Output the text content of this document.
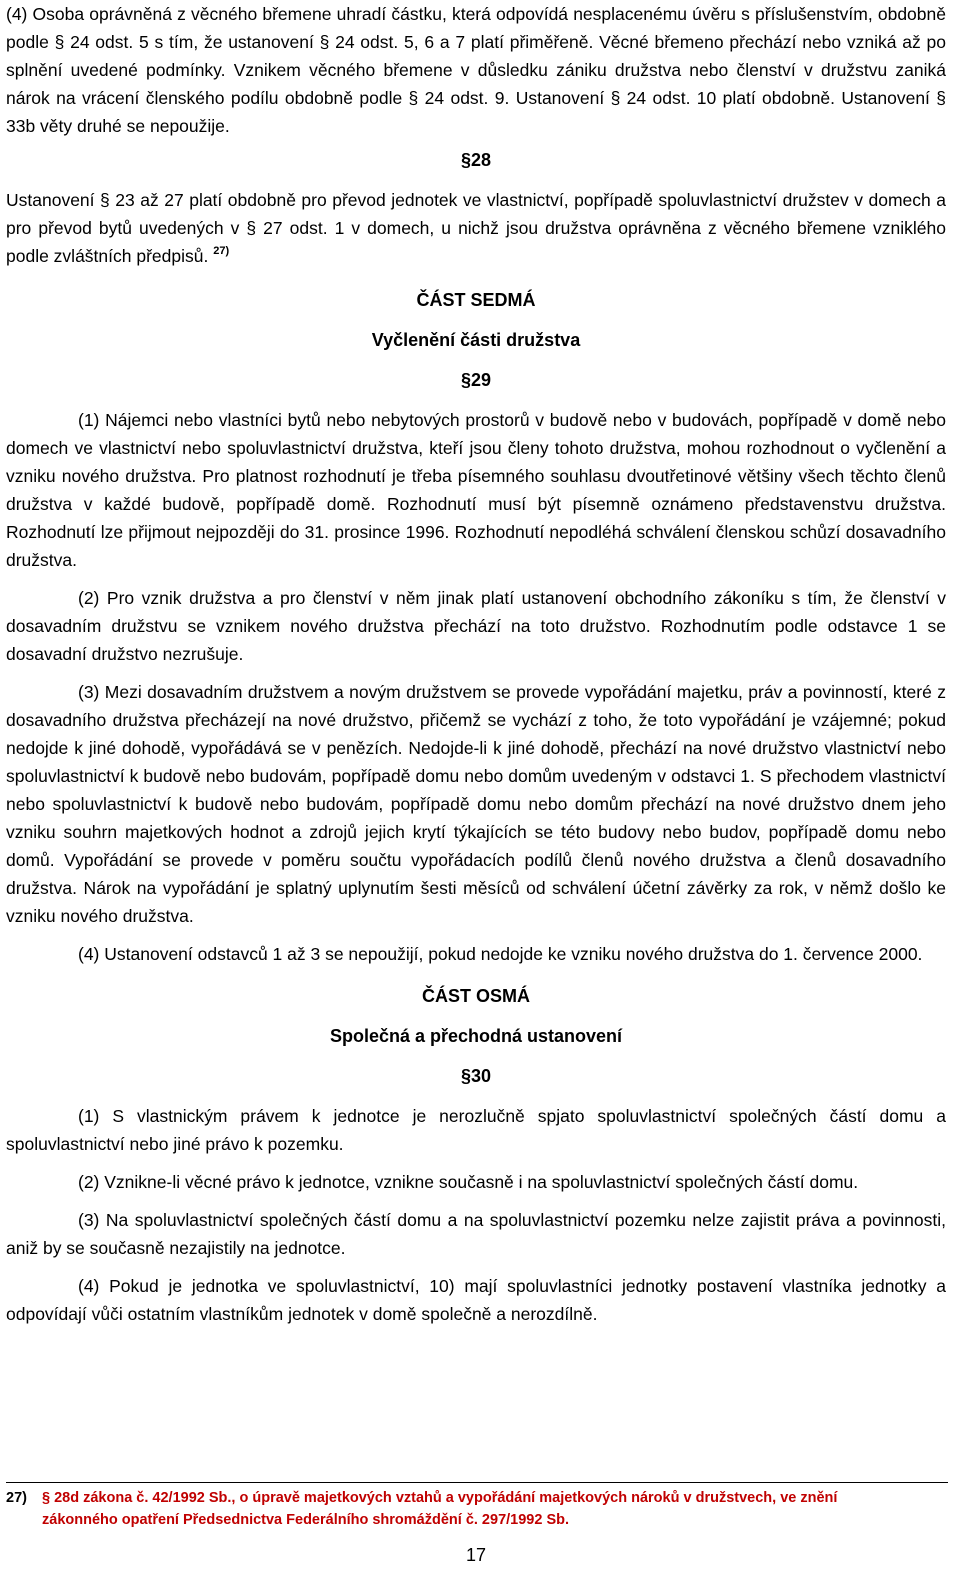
(4) Osoba oprávněná z věcného břemene uhradí částku, která odpovídá nesplacenému úvěru s příslušenstvím, obdobně podle § 24 odst. 5 s tím, že ustanovení § 24 odst. 5, 6 a 7 platí přiměřeně. Věcné břemeno přechází nebo vzniká až po splnění uvedené podmínky. Vznikem věcného břemene v důsledku zániku družstva nebo členství v družstvu zaniká nárok na vrácení členského podílu obdobně podle § 24 odst. 9. Ustanovení § 24 odst. 10 platí obdobně. Ustanovení § 33b věty druhé se nepoužije.

§28

Ustanovení § 23 až 27 platí obdobně pro převod jednotek ve vlastnictví, popřípadě spoluvlastnictví družstev v domech a pro převod bytů uvedených v § 27 odst. 1 v domech, u nichž jsou družstva oprávněna z věcného břemene vzniklého podle zvláštních předpisů. $^{27)}$

ČÁST SEDMÁ

Vyčlenění části družstva

§29

(1) Nájemci nebo vlastníci bytů nebo nebytových prostorů v budově nebo v budovách, popřípadě v domě nebo domech ve vlastnictví nebo spoluvlastnictví družstva, kteří jsou členy tohoto družstva, mohou rozhodnout o vyčlenění a vzniku nového družstva. Pro platnost rozhodnutí je třeba písemného souhlasu dvoutřetinové většiny všech těchto členů družstva v každé budově, popřípadě domě. Rozhodnutí musí být písemně oznámeno představenstvu družstva. Rozhodnutí lze přijmout nejpozději do 31. prosince 1996. Rozhodnutí nepodléhá schválení členskou schůzí dosavadního družstva.

(2) Pro vznik družstva a pro členství v něm jinak platí ustanovení obchodního zákoníku s tím, že členství v dosavadním družstvu se vznikem nového družstva přechází na toto družstvo. Rozhodnutím podle odstavce 1 se dosavadní družstvo nezrušuje.

(3) Mezi dosavadním družstvem a novým družstvem se provede vypořádání majetku, práv a povinností, které z dosavadního družstva přecházejí na nové družstvo, přičemž se vychází z toho, že toto vypořádání je vzájemné; pokud nedojde k jiné dohodě, vypořádává se v penězích. Nedojde-li k jiné dohodě, přechází na nové družstvo vlastnictví nebo spoluvlastnictví k budově nebo budovám, popřípadě domu nebo domům uvedeným v odstavci 1. S přechodem vlastnictví nebo spoluvlastnictví k budově nebo budovám, popřípadě domu nebo domům přechází na nové družstvo dnem jeho vzniku souhrn majetkových hodnot a zdrojů jejich krytí týkajících se této budovy nebo budov, popřípadě domu nebo domů. Vypořádání se provede v poměru součtu vypořádacích podílů členů nového družstva a členů dosavadního družstva. Nárok na vypořádání je splatný uplynutím šesti měsíců od schválení účetní závěrky za rok, v němž došlo ke vzniku nového družstva.

(4) Ustanovení odstavců 1 až 3 se nepoužijí, pokud nedojde ke vzniku nového družstva do 1. července 2000.

ČÁST OSMÁ

Společná a přechodná ustanovení

§30

(1) S vlastnickým právem k jednotce je nerozlučně spjato spoluvlastnictví společných částí domu a spoluvlastnictví nebo jiné právo k pozemku.

(2) Vznikne-li věcné právo k jednotce, vznikne současně i na spoluvlastnictví společných částí domu.

(3) Na spoluvlastnictví společných částí domu a na spoluvlastnictví pozemku nelze zajistit práva a povinnosti, aniž by se současně nezajistily na jednotce.

(4) Pokud je jednotka ve spoluvlastnictví, 10) mají spoluvlastníci jednotky postavení vlastníka jednotky a odpovídají vůči ostatním vlastníkům jednotek v domě společně a nerozdílně.

27) § 28d zákona č. 42/1992 Sb., o úpravě majetkových vztahů a vypořádání majetkových nároků v družstvech, ve znění
zákonného opatření Předsednictva Federálního shromáždění č. 297/1992 Sb.

17
